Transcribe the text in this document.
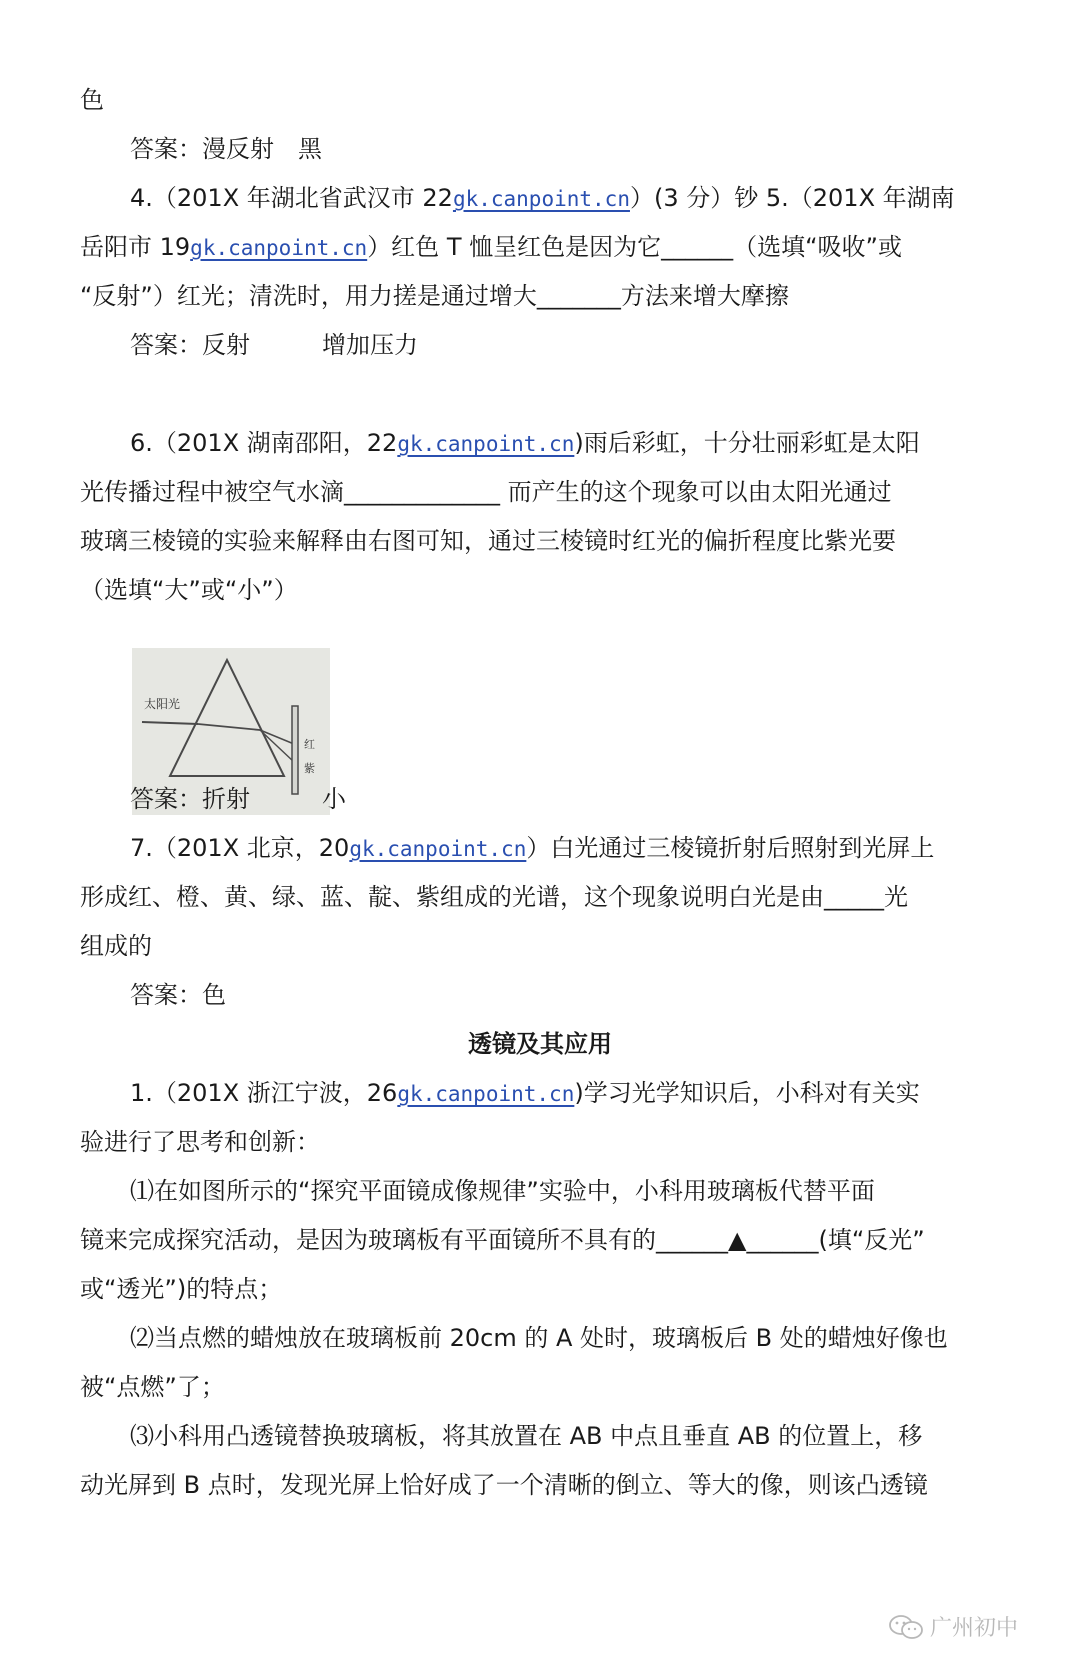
色
答案：漫反射　黑
4.（201X 年湖北省武汉市 22gk.canpoint.cn）(3 分）钞 5.（201X 年湖南
岳阳市 19gk.canpoint.cn）红色 T 恤呈红色是因为它______（选填“吸收”或
“反射”）红光；清洗时，用力搓是通过增大_______方法来增大摩擦
答案：反射　　　增加压力
6.（201X 湖南邵阳，22gk.canpoint.cn)雨后彩虹，十分壮丽彩虹是太阳
光传播过程中被空气水滴_____________ 而产生的这个现象可以由太阳光通过
玻璃三棱镜的实验来解释由右图可知，通过三棱镜时红光的偏折程度比紫光要
（选填“大”或“小”）
太阳光
红
紫
答案：折射　　　小
7.（201X 北京，20gk.canpoint.cn）白光通过三棱镜折射后照射到光屏上
形成红、橙、黄、绿、蓝、靛、紫组成的光谱，这个现象说明白光是由_____光
组成的
答案：色
透镜及其应用
1.（201X 浙江宁波，26gk.canpoint.cn)学习光学知识后，小科对有关实
验进行了思考和创新：
⑴在如图所示的“探究平面镜成像规律”实验中，小科用玻璃板代替平面
镜来完成探究活动，是因为玻璃板有平面镜所不具有的______▲______(填“反光”
或“透光”)的特点；
⑵当点燃的蜡烛放在玻璃板前 20cm 的 A 处时，玻璃板后 B 处的蜡烛好像也
被“点燃”了；
⑶小科用凸透镜替换玻璃板，将其放置在 AB 中点且垂直 AB 的位置上，移
动光屏到 B 点时，发现光屏上恰好成了一个清晰的倒立、等大的像，则该凸透镜
广州初中
